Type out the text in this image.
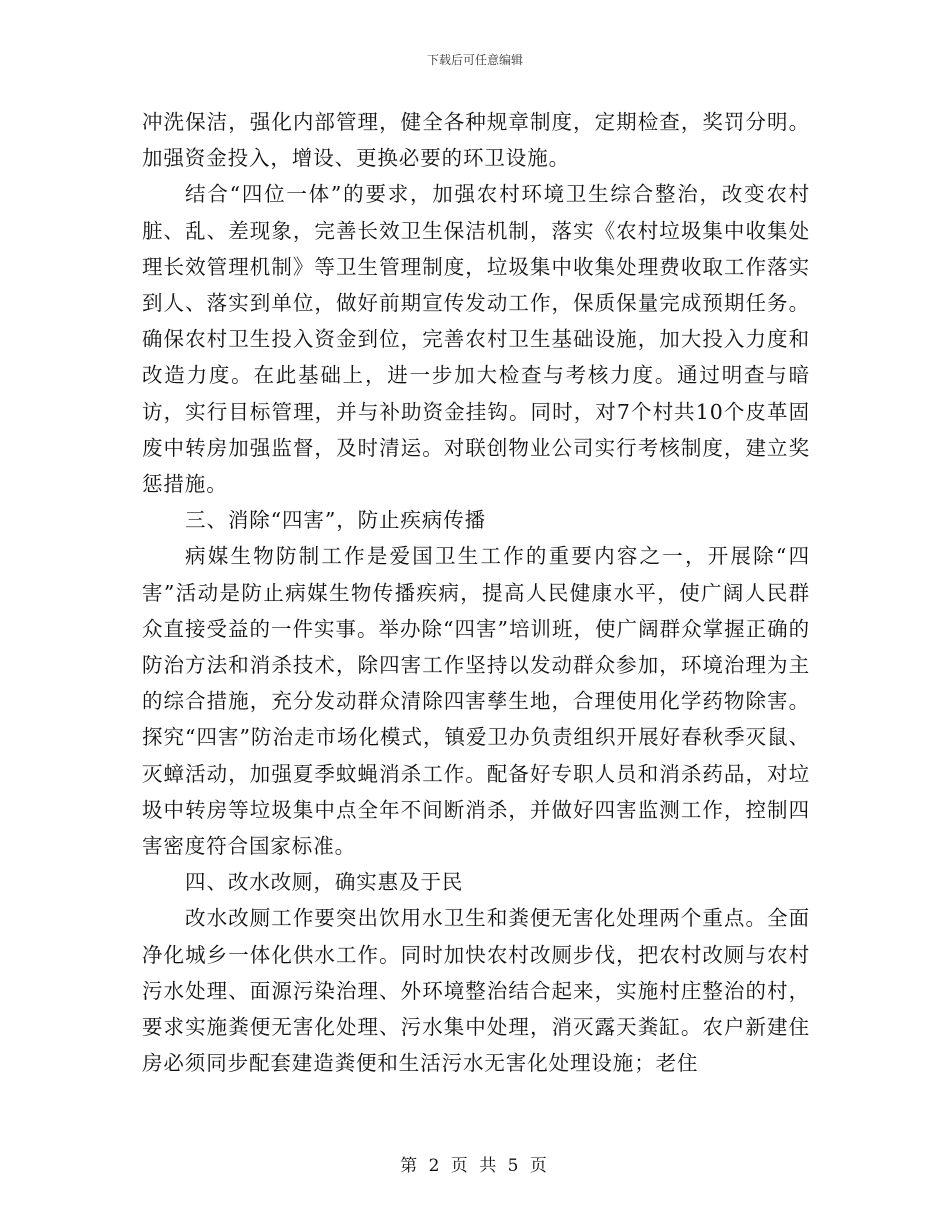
下载后可任意编辑

冲洗保洁，强化内部管理，健全各种规章制度，定期检查，奖罚分明。加强资金投入，增设、更换必要的环卫设施。

结合“四位一体”的要求，加强农村环境卫生综合整治，改变农村脏、乱、差现象，完善长效卫生保洁机制，落实《农村垃圾集中收集处理长效管理机制》等卫生管理制度，垃圾集中收集处理费收取工作落实到人、落实到单位，做好前期宣传发动工作，保质保量完成预期任务。确保农村卫生投入资金到位，完善农村卫生基础设施，加大投入力度和改造力度。在此基础上，进一步加大检查与考核力度。通过明查与暗访，实行目标管理，并与补助资金挂钩。同时，对7个村共10个皮革固废中转房加强监督，及时清运。对联创物业公司实行考核制度，建立奖惩措施。

三、消除“四害”，防止疾病传播

病媒生物防制工作是爱国卫生工作的重要内容之一，开展除“四害”活动是防止病媒生物传播疾病，提高人民健康水平，使广阔人民群众直接受益的一件实事。举办除“四害”培训班，使广阔群众掌握正确的防治方法和消杀技术，除四害工作坚持以发动群众参加，环境治理为主的综合措施，充分发动群众清除四害孳生地，合理使用化学药物除害。探究“四害”防治走市场化模式，镇爱卫办负责组织开展好春秋季灭鼠、灭蟑活动，加强夏季蚊蝇消杀工作。配备好专职人员和消杀药品，对垃圾中转房等垃圾集中点全年不间断消杀，并做好四害监测工作，控制四害密度符合国家标准。

四、改水改厕，确实惠及于民

改水改厕工作要突出饮用水卫生和粪便无害化处理两个重点。全面净化城乡一体化供水工作。同时加快农村改厕步伐，把农村改厕与农村污水处理、面源污染治理、外环境整治结合起来，实施村庄整治的村，要求实施粪便无害化处理、污水集中处理，消灭露天粪缸。农户新建住房必须同步配套建造粪便和生活污水无害化处理设施；老住

第 2 页 共 5 页
